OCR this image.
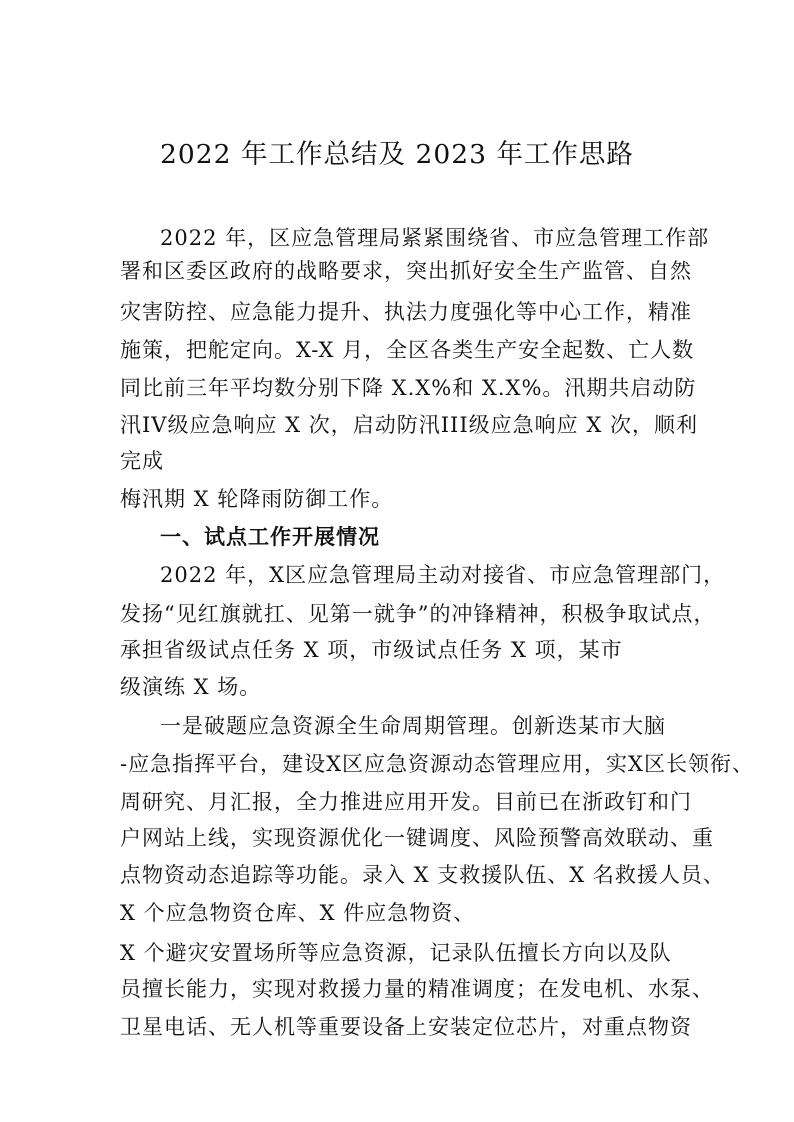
2022 年工作总结及 2023 年工作思路
2022 年，区应急管理局紧紧围绕省、市应急管理工作部
署和区委区政府的战略要求，突出抓好安全生产监管、自然
灾害防控、应急能力提升、执法力度强化等中心工作，精准
施策，把舵定向。X-X 月，全区各类生产安全起数、亡人数
同比前三年平均数分别下降 X.X%和 X.X%。汛期共启动防
汛IV级应急响应 X 次，启动防汛III级应急响应 X 次，顺利
完成
梅汛期 X 轮降雨防御工作。
一、试点工作开展情况
2022 年，X区应急管理局主动对接省、市应急管理部门，
发扬“见红旗就扛、见第一就争”的冲锋精神，积极争取试点，
承担省级试点任务 X 项，市级试点任务 X 项，某市
级演练 X 场。
一是破题应急资源全生命周期管理。创新迭某市大脑
-应急指挥平台，建设X区应急资源动态管理应用，实X区长领衔、
周研究、月汇报，全力推进应用开发。目前已在浙政钉和门
户网站上线，实现资源优化一键调度、风险预警高效联动、重
点物资动态追踪等功能。录入 X 支救援队伍、X 名救援人员、
X 个应急物资仓库、X 件应急物资、
X 个避灾安置场所等应急资源，记录队伍擅长方向以及队
员擅长能力，实现对救援力量的精准调度；在发电机、水泵、
卫星电话、无人机等重要设备上安装定位芯片，对重点物资
